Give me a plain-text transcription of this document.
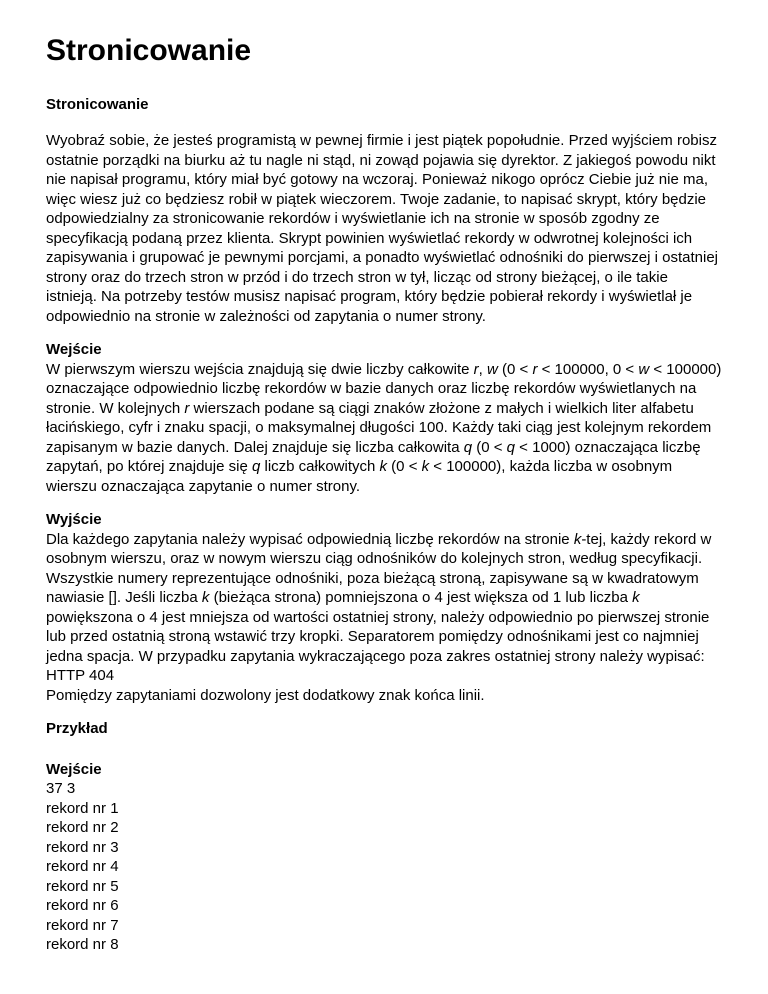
Stronicowanie
Stronicowanie

Wyobraź sobie, że jesteś programistą w pewnej firmie i jest piątek popołudnie. Przed wyjściem robisz ostatnie porządki na biurku aż tu nagle ni stąd, ni zowąd pojawia się dyrektor. Z jakiegoś powodu nikt nie napisał programu, który miał być gotowy na wczoraj. Ponieważ nikogo oprócz Ciebie już nie ma, więc wiesz już co będziesz robił w piątek wieczorem. Twoje zadanie, to napisać skrypt, który będzie odpowiedzialny za stronicowanie rekordów i wyświetlanie ich na stronie w sposób zgodny ze specyfikacją podaną przez klienta. Skrypt powinien wyświetlać rekordy w odwrotnej kolejności ich zapisywania i grupować je pewnymi porcjami, a ponadto wyświetlać odnośniki do pierwszej i ostatniej strony oraz do trzech stron w przód i do trzech stron w tył, licząc od strony bieżącej, o ile takie istnieją. Na potrzeby testów musisz napisać program, który będzie pobierał rekordy i wyświetlał je odpowiednio na stronie w zależności od zapytania o numer strony.

Wejście

W pierwszym wierszu wejścia znajdują się dwie liczby całkowite r, w (0 < r < 100000, 0 < w < 100000) oznaczające odpowiednio liczbę rekordów w bazie danych oraz liczbę rekordów wyświetlanych na stronie. W kolejnych r wierszach podane są ciągi znaków złożone z małych i wielkich liter alfabetu łacińskiego, cyfr i znaku spacji, o maksymalnej długości 100. Każdy taki ciąg jest kolejnym rekordem zapisanym w bazie danych. Dalej znajduje się liczba całkowita q (0 < q < 1000) oznaczająca liczbę zapytań, po której znajduje się q liczb całkowitych k (0 < k < 100000), każda liczba w osobnym wierszu oznaczająca zapytanie o numer strony.

Wyjście

Dla każdego zapytania należy wypisać odpowiednią liczbę rekordów na stronie k-tej, każdy rekord w osobnym wierszu, oraz w nowym wierszu ciąg odnośników do kolejnych stron, według specyfikacji. Wszystkie numery reprezentujące odnośniki, poza bieżącą stroną, zapisywane są w kwadratowym nawiasie []. Jeśli liczba k (bieżąca strona) pomniejszona o 4 jest większa od 1 lub liczba k powiększona o 4 jest mniejsza od wartości ostatniej strony, należy odpowiednio po pierwszej stronie lub przed ostatnią stroną wstawić trzy kropki. Separatorem pomiędzy odnośnikami jest co najmniej jedna spacja. W przypadku zapytania wykraczającego poza zakres ostatniej strony należy wypisać: HTTP 404

Pomiędzy zapytaniami dozwolony jest dodatkowy znak końca linii.

Przykład
Wejście
37 3
rekord nr 1
rekord nr 2
rekord nr 3
rekord nr 4
rekord nr 5
rekord nr 6
rekord nr 7
rekord nr 8
